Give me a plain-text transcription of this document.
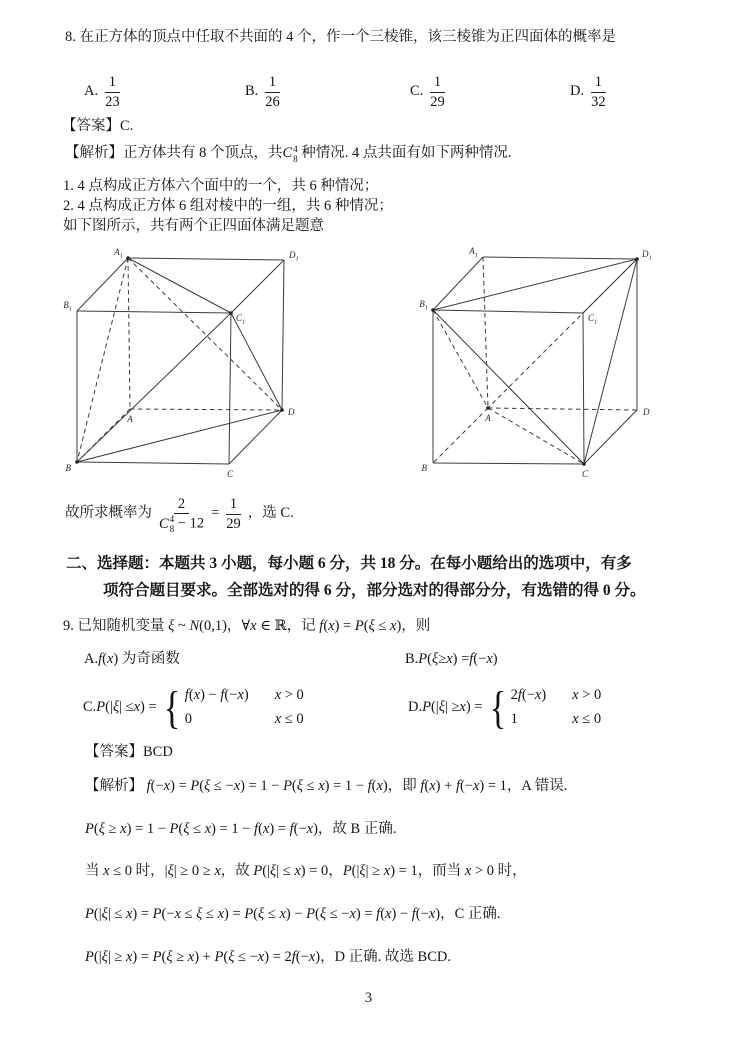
8. 在正方体的顶点中任取不共面的 4 个，作一个三棱锥，该三棱锥为正四面体的概率是

A. $\frac{1}{23}$	B. $\frac{1}{26}$	C. $\frac{1}{29}$	D. $\frac{1}{32}$

【答案】C.

【解析】正方体共有 8 个顶点，共 C 4
8 种情况. 4 点共面有如下两种情况.

1. 4 点构成正方体六个面中的一个，共 6 种情况；

2. 4 点构成正方体 6 组对棱中的一组，共 6 种情况；

如下图所示，共有两个正四面体满足题意

$A_1$	$D_1$
$B_1$
$C_1$
A
D
B
C
$A_1$	$D_1$
$B_1$
$C_1$
A
D
B
C

故所求概率为 2
C 4
$8 - 12 = \frac{1}{29}$ ，选 C.

二、选择题：本题共 3 小题，每小题 6 分，共 18 分。在每小题给出的选项中，有多

项符合题目要求。全部选对的得 6 分，部分选对的得部分分，有选错的得 0 分。

9. 已知随机变量 ξ ~ N(0,1)，∀x ∈ ℝ，记 f(x) = P(ξ ≤ x)，则

A. f ( x ) 为奇函数	B. P ( ξ ≥ x ) = f (− x )
C. P (| ξ | ≤ x ) = { f(x) − f(−x) x > 0
0	x ≤ 0
D. P (| ξ | ≥ x ) = { 2f(−x) x > 0
1	x ≤ 0

【答案】BCD

【解析】 f(−x) = P(ξ ≤ −x) = 1 − P(ξ ≤ x) = 1 − f(x)，即 f(x) + f(−x) = 1，A 错误.

P(ξ ≥ x) = 1 − P(ξ ≤ x) = 1 − f(x) = f(−x)，故 B 正确.

当 x ≤ 0 时，|ξ| ≥ 0 ≥ x，故 P(|ξ| ≤ x) = 0，P(|ξ| ≥ x) = 1，而当 x > 0 时，

P(|ξ| ≤ x) = P(−x ≤ ξ ≤ x) = P(ξ ≤ x) − P(ξ ≤ −x) = f(x) − f(−x)，C 正确.

P(|ξ| ≥ x) = P(ξ ≥ x) + P(ξ ≤ −x) = 2f(−x)，D 正确. 故选 BCD.

3
